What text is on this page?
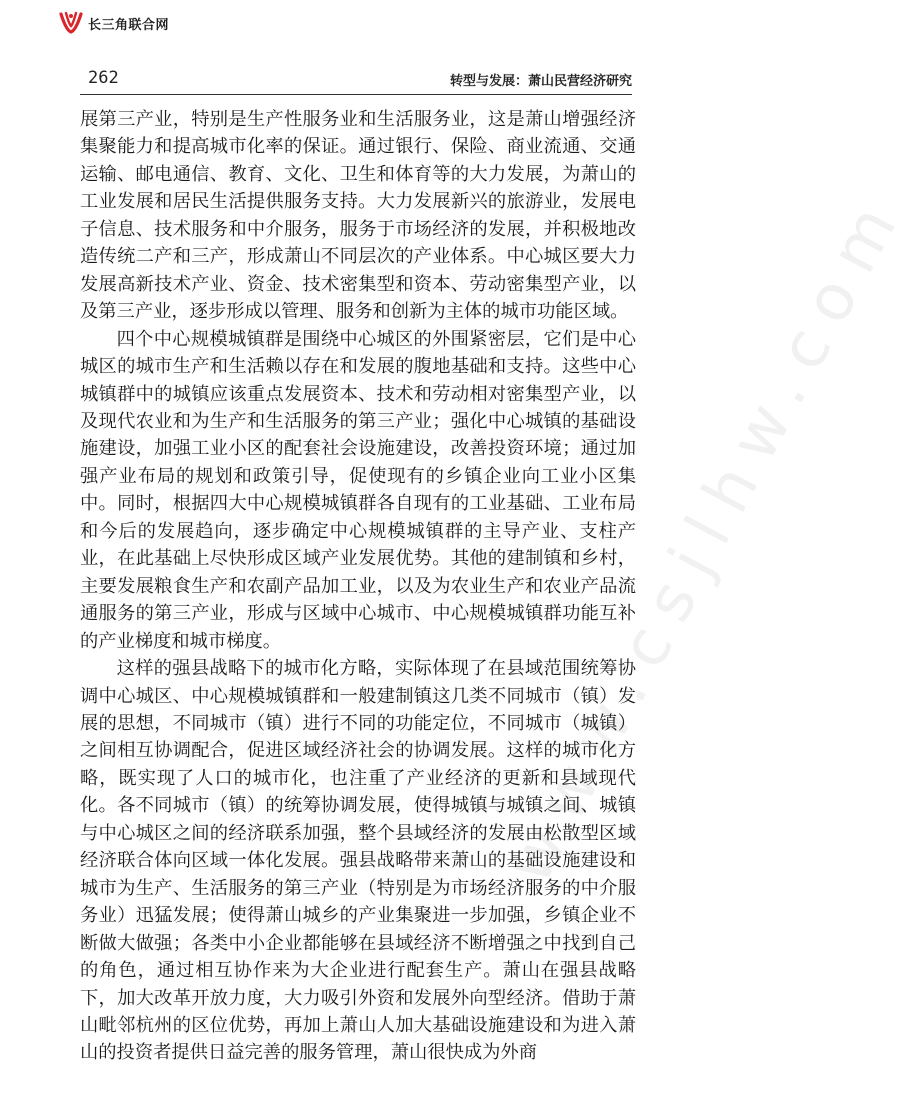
长三角联合网
262	转型与发展：萧山民营经济研究
www.csjlhw.com

展第三产业，特别是生产性服务业和生活服务业，这是萧山增强经济集聚能力和提高城市化率的保证。通过银行、保险、商业流通、交通运输、邮电通信、教育、文化、卫生和体育等的大力发展，为萧山的工业发展和居民生活提供服务支持。大力发展新兴的旅游业，发展电子信息、技术服务和中介服务，服务于市场经济的发展，并积极地改造传统二产和三产，形成萧山不同层次的产业体系。中心城区要大力发展高新技术产业、资金、技术密集型和资本、劳动密集型产业，以及第三产业，逐步形成以管理、服务和创新为主体的城市功能区域。

四个中心规模城镇群是围绕中心城区的外围紧密层，它们是中心城区的城市生产和生活赖以存在和发展的腹地基础和支持。这些中心城镇群中的城镇应该重点发展资本、技术和劳动相对密集型产业，以及现代农业和为生产和生活服务的第三产业；强化中心城镇的基础设施建设，加强工业小区的配套社会设施建设，改善投资环境；通过加强产业布局的规划和政策引导，促使现有的乡镇企业向工业小区集中。同时，根据四大中心规模城镇群各自现有的工业基础、工业布局和今后的发展趋向，逐步确定中心规模城镇群的主导产业、支柱产业，在此基础上尽快形成区域产业发展优势。其他的建制镇和乡村，主要发展粮食生产和农副产品加工业，以及为农业生产和农业产品流通服务的第三产业，形成与区域中心城市、中心规模城镇群功能互补的产业梯度和城市梯度。

这样的强县战略下的城市化方略，实际体现了在县域范围统筹协调中心城区、中心规模城镇群和一般建制镇这几类不同城市（镇）发展的思想，不同城市（镇）进行不同的功能定位，不同城市（城镇）之间相互协调配合，促进区域经济社会的协调发展。这样的城市化方略，既实现了人口的城市化，也注重了产业经济的更新和县域现代化。各不同城市（镇）的统筹协调发展，使得城镇与城镇之间、城镇与中心城区之间的经济联系加强，整个县域经济的发展由松散型区域经济联合体向区域一体化发展。强县战略带来萧山的基础设施建设和城市为生产、生活服务的第三产业（特别是为市场经济服务的中介服务业）迅猛发展；使得萧山城乡的产业集聚进一步加强，乡镇企业不断做大做强；各类中小企业都能够在县域经济不断增强之中找到自己的角色，通过相互协作来为大企业进行配套生产。萧山在强县战略下，加大改革开放力度，大力吸引外资和发展外向型经济。借助于萧山毗邻杭州的区位优势，再加上萧山人加大基础设施建设和为进入萧山的投资者提供日益完善的服务管理，萧山很快成为外商
